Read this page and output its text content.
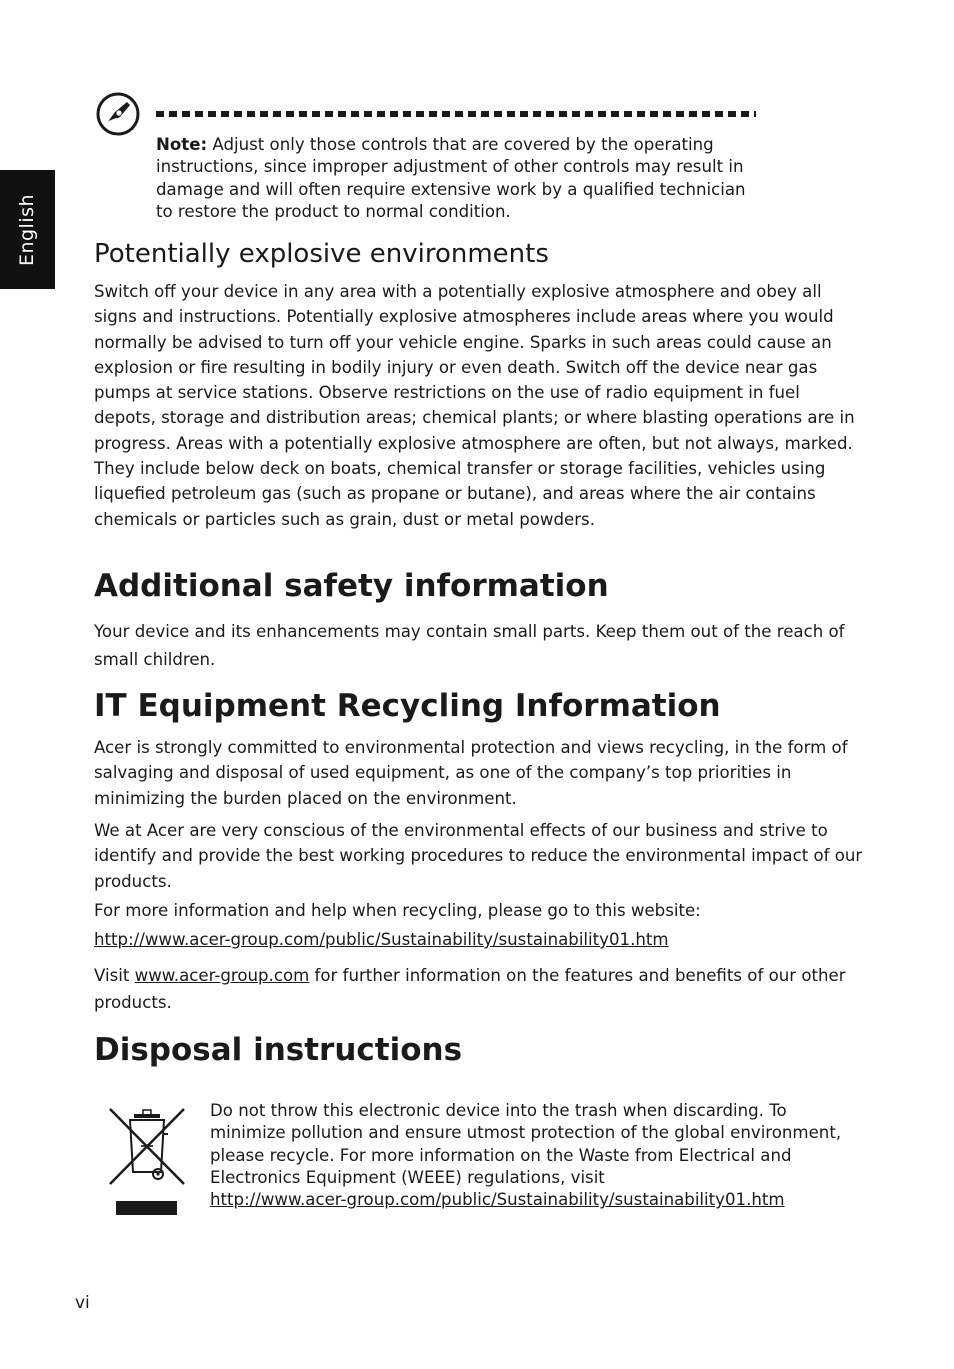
English

Note: Adjust only those controls that are covered by the operating instructions, since improper adjustment of other controls may result in damage and will often require extensive work by a qualified technician to restore the product to normal condition.

Potentially explosive environments

Switch off your device in any area with a potentially explosive atmosphere and obey all signs and instructions. Potentially explosive atmospheres include areas where you would normally be advised to turn off your vehicle engine. Sparks in such areas could cause an explosion or fire resulting in bodily injury or even death. Switch off the device near gas pumps at service stations. Observe restrictions on the use of radio equipment in fuel depots, storage and distribution areas; chemical plants; or where blasting operations are in progress. Areas with a potentially explosive atmosphere are often, but not always, marked. They include below deck on boats, chemical transfer or storage facilities, vehicles using liquefied petroleum gas (such as propane or butane), and areas where the air contains chemicals or particles such as grain, dust or metal powders.

Additional safety information

Your device and its enhancements may contain small parts. Keep them out of the reach of small children.

IT Equipment Recycling Information

Acer is strongly committed to environmental protection and views recycling, in the form of salvaging and disposal of used equipment, as one of the company’s top priorities in minimizing the burden placed on the environment.

We at Acer are very conscious of the environmental effects of our business and strive to identify and provide the best working procedures to reduce the environmental impact of our products.

For more information and help when recycling, please go to this website:

http://www.acer-group.com/public/Sustainability/sustainability01.htm

Visit www.acer-group.com for further information on the features and benefits of our other products.

Disposal instructions

Do not throw this electronic device into the trash when discarding. To minimize pollution and ensure utmost protection of the global environment, please recycle. For more information on the Waste from Electrical and Electronics Equipment (WEEE) regulations, visit
http://www.acer-group.com/public/Sustainability/sustainability01.htm

vi
